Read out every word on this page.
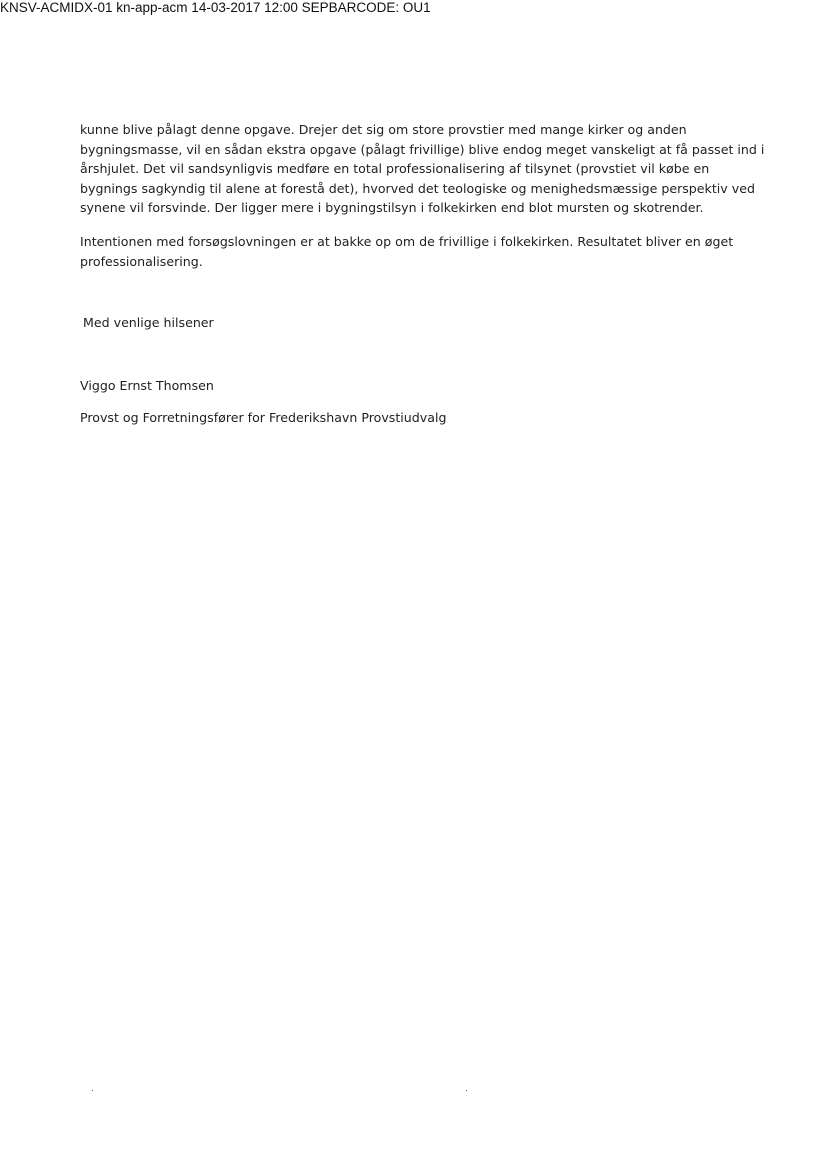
KNSV-ACMIDX-01 kn-app-acm 14-03-2017 12:00 SEPBARCODE: OU1
kunne blive pålagt denne opgave. Drejer det sig om store provstier med mange kirker og anden
bygningsmasse, vil en sådan ekstra opgave (pålagt frivillige) blive endog meget vanskeligt at få passet ind i
årshjulet. Det vil sandsynligvis medføre en total professionalisering af tilsynet (provstiet vil købe en
bygnings sagkyndig til alene at forestå det), hvorved det teologiske og menighedsmæssige perspektiv ved
synene vil forsvinde. Der ligger mere i bygningstilsyn i folkekirken end blot mursten og skotrender.
Intentionen med forsøgslovningen er at bakke op om de frivillige i folkekirken. Resultatet bliver en øget
professionalisering.
Med venlige hilsener
Viggo Ernst Thomsen
Provst og Forretningsfører for Frederikshavn Provstiudvalg
